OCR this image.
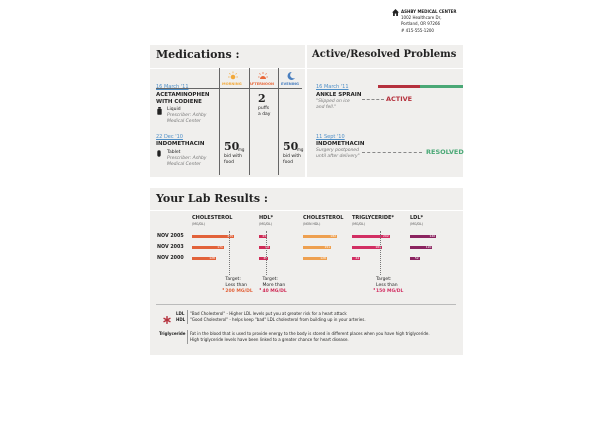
ASHBY MEDICAL CENTER
1002 Healthcare Dr,
Portland, OR 97266
# 415-555-1200
Medications :
MORNING AFTERNOON EVENING
16 March '11
ACETAMINOPHEN
WITH CODIENE
Liquid
Prescriber: Ashby
Medical Center
2
puffs
a day
22 Dec '10
INDOMETHACIN
Tablet
Prescriber: Ashby
Medical Center
50
mg
bid with
food
50
mg
bid with
food
Active/Resolved Problems
16 March '11
ANKLE SPRAIN
"Slipped on ice
and fell."
ACTIVE
11 Sept '10
INDOMETHACIN
Surgery postponed
until after delivery"
RESOLVED
Your Lab Results :
NOV 2005
NOV 2003
NOV 2000
CHOLESTEROL
(MG/DL)
225
171
128
Target:
Less than
200 MG/DL
HDL*
(MG/DL)
43
60
49
Target:
More than
40 MG/DL
CHOLESTEROL
(NON HDL)
182
151
128
TRIGLYCERIDE*
(MG/DL)
202
161
44
Target:
Less than
150 MG/DL
LDL*
(MG/DL)
140
120
52
LDL
HDL
"Bad Cholesterol" - Higher LDL levels put you at greater risk for a heart attack
"Good Cholesterol" - helps keep "bad" LDL cholesterol from building up in your arteries.
Triglyceride Fat in the blood that is used to provide energy to the body is stored in different places when you have high triglyceride.
High triglyceride levels have been linked to a greater chance for heart disease.
